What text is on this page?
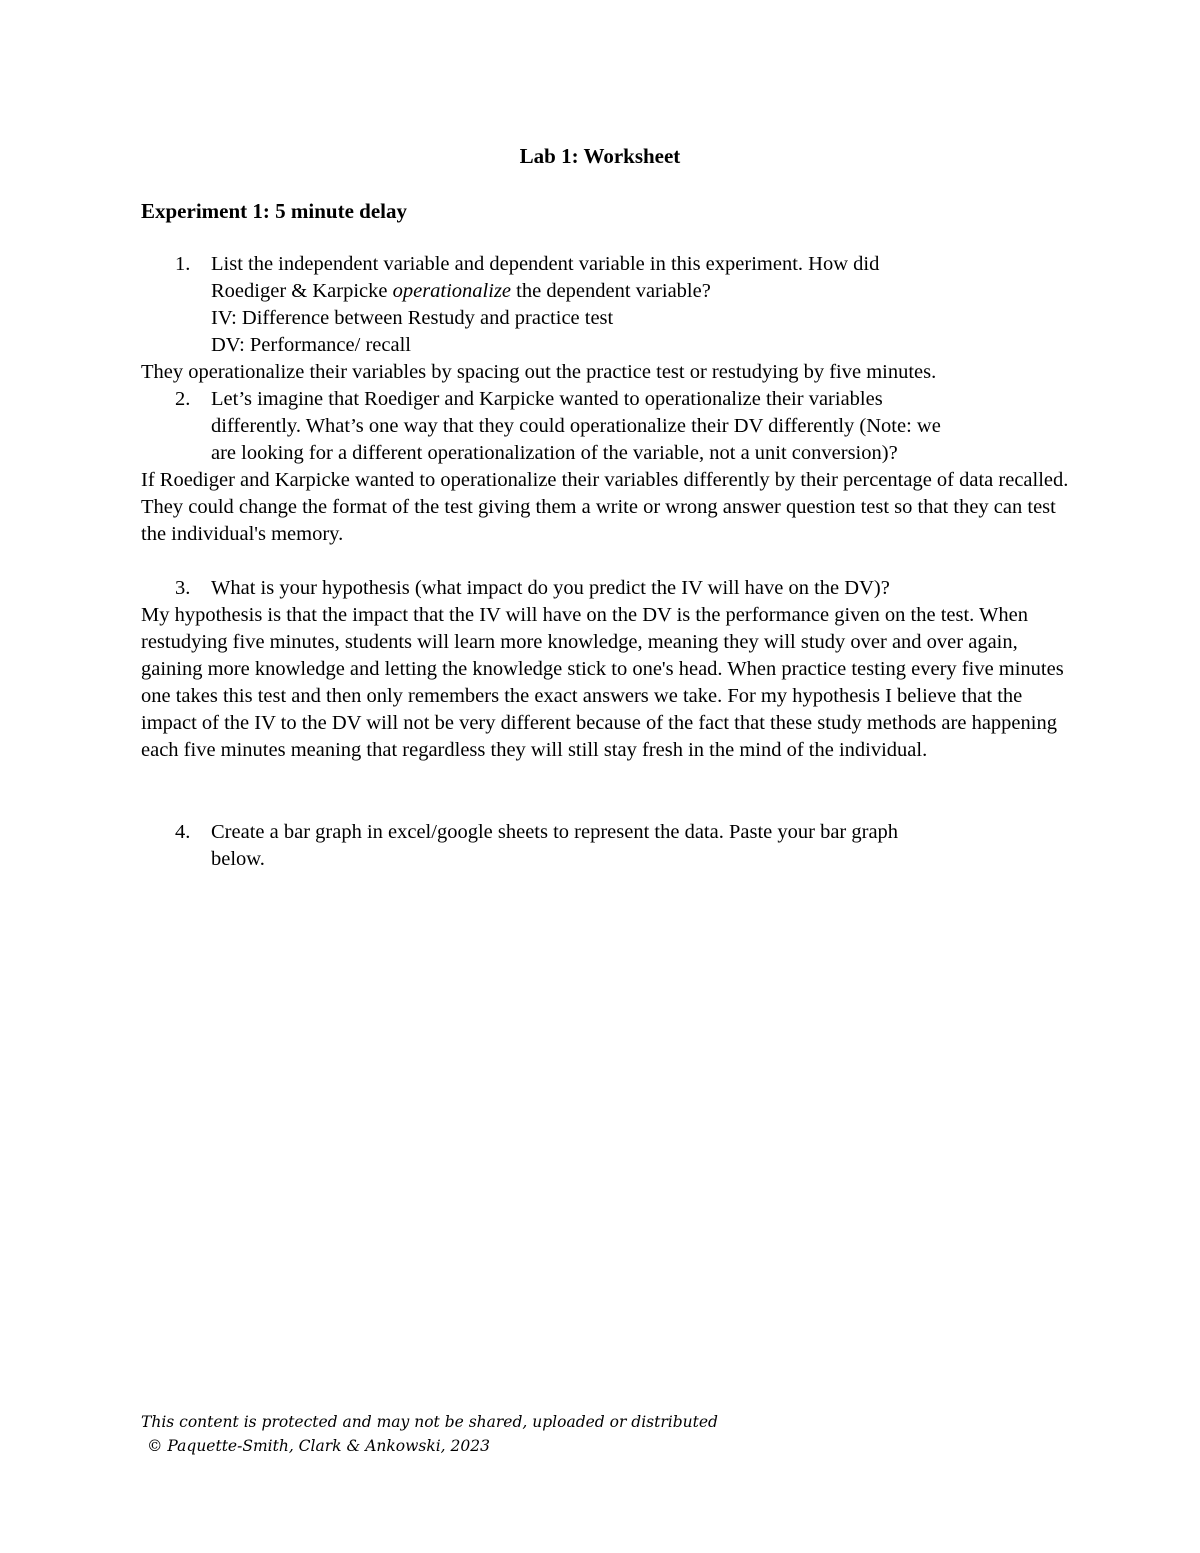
Lab 1: Worksheet
Experiment 1: 5 minute delay
1. List the independent variable and dependent variable in this experiment. How did
Roediger & Karpicke operationalize the dependent variable?
IV: Difference between Restudy and practice test
DV: Performance/ recall
They operationalize their variables by spacing out the practice test or restudying by five minutes.
2. Let’s imagine that Roediger and Karpicke wanted to operationalize their variables
differently. What’s one way that they could operationalize their DV differently (Note: we
are looking for a different operationalization of the variable, not a unit conversion)?
If Roediger and Karpicke wanted to operationalize their variables differently by their percentage of data recalled. They could change the format of the test giving them a write or wrong answer question test so that they can test the individual's memory.
3. What is your hypothesis (what impact do you predict the IV will have on the DV)?
My hypothesis is that the impact that the IV will have on the DV is the performance given on the test. When restudying five minutes, students will learn more knowledge, meaning they will study over and over again, gaining more knowledge and letting the knowledge stick to one's head. When practice testing every five minutes one takes this test and then only remembers the exact answers we take. For my hypothesis I believe that the impact of the IV to the DV will not be very different because of the fact that these study methods are happening each five minutes meaning that regardless they will still stay fresh in the mind of the individual.
4. Create a bar graph in excel/google sheets to represent the data. Paste your bar graph
below.
This content is protected and may not be shared, uploaded or distributed
© Paquette-Smith, Clark & Ankowski, 2023
